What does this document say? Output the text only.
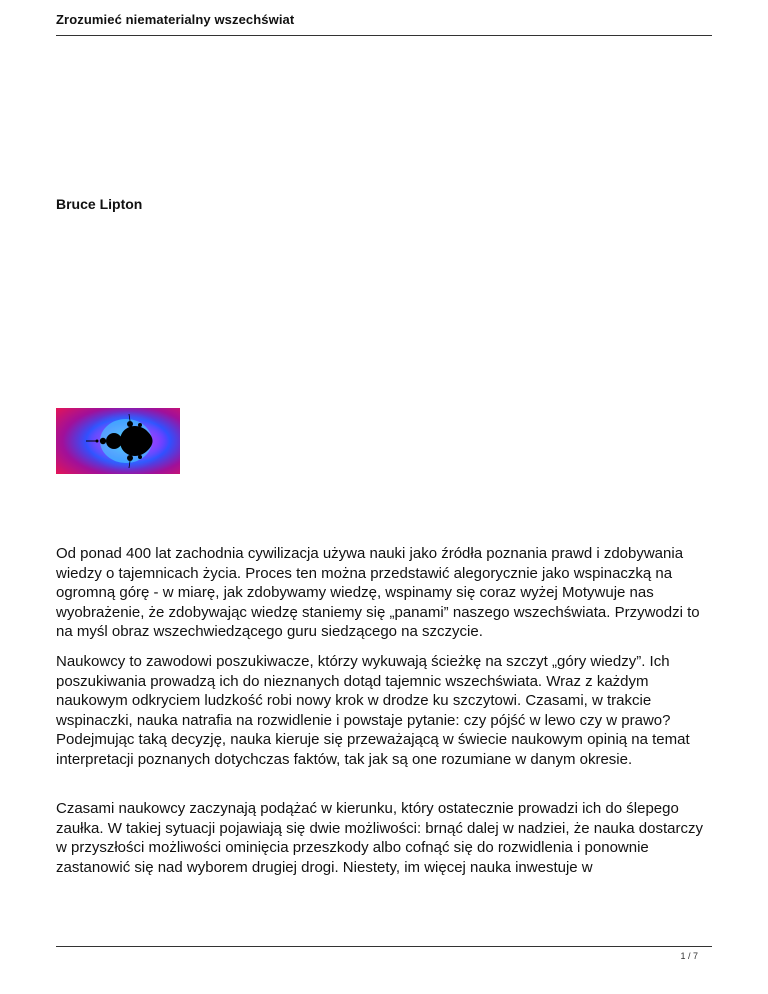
Zrozumieć niematerialny wszechświat
Bruce Lipton

Od ponad 400 lat zachodnia cywilizacja używa nauki jako źródła poznania prawd i zdobywania wiedzy o tajemnicach życia. Proces ten można przedstawić alegorycznie jako wspinaczką na ogromną górę - w miarę, jak zdobywamy wiedzę, wspinamy się coraz wyżej Motywuje nas wyobrażenie, że zdobywając wiedzę staniemy się „panami” naszego wszechświata. Przywodzi to na myśl obraz wszechwiedzącego guru siedzącego na szczycie.

Naukowcy to zawodowi poszukiwacze, którzy wykuwają ścieżkę na szczyt „góry wiedzy”. Ich poszukiwania prowadzą ich do nieznanych dotąd tajemnic wszechświata. Wraz z każdym naukowym odkryciem ludzkość robi nowy krok w drodze ku szczytowi. Czasami, w trakcie wspinaczki, nauka natrafia na rozwidlenie i powstaje pytanie: czy pójść w lewo czy w prawo? Podejmując taką decyzję, nauka kieruje się przeważającą w świecie naukowym opinią na temat interpretacji poznanych dotychczas faktów, tak jak są one rozumiane w danym okresie.

Czasami naukowcy zaczynają podążać w kierunku, który ostatecznie prowadzi ich do ślepego zaułka. W takiej sytuacji pojawiają się dwie możliwości: brnąć dalej w nadziei, że nauka dostarczy w przyszłości możliwości ominięcia przeszkody albo cofnąć się do rozwidlenia i ponownie zastanowić się nad wyborem drugiej drogi. Niestety, im więcej nauka inwestuje w

1 / 7
